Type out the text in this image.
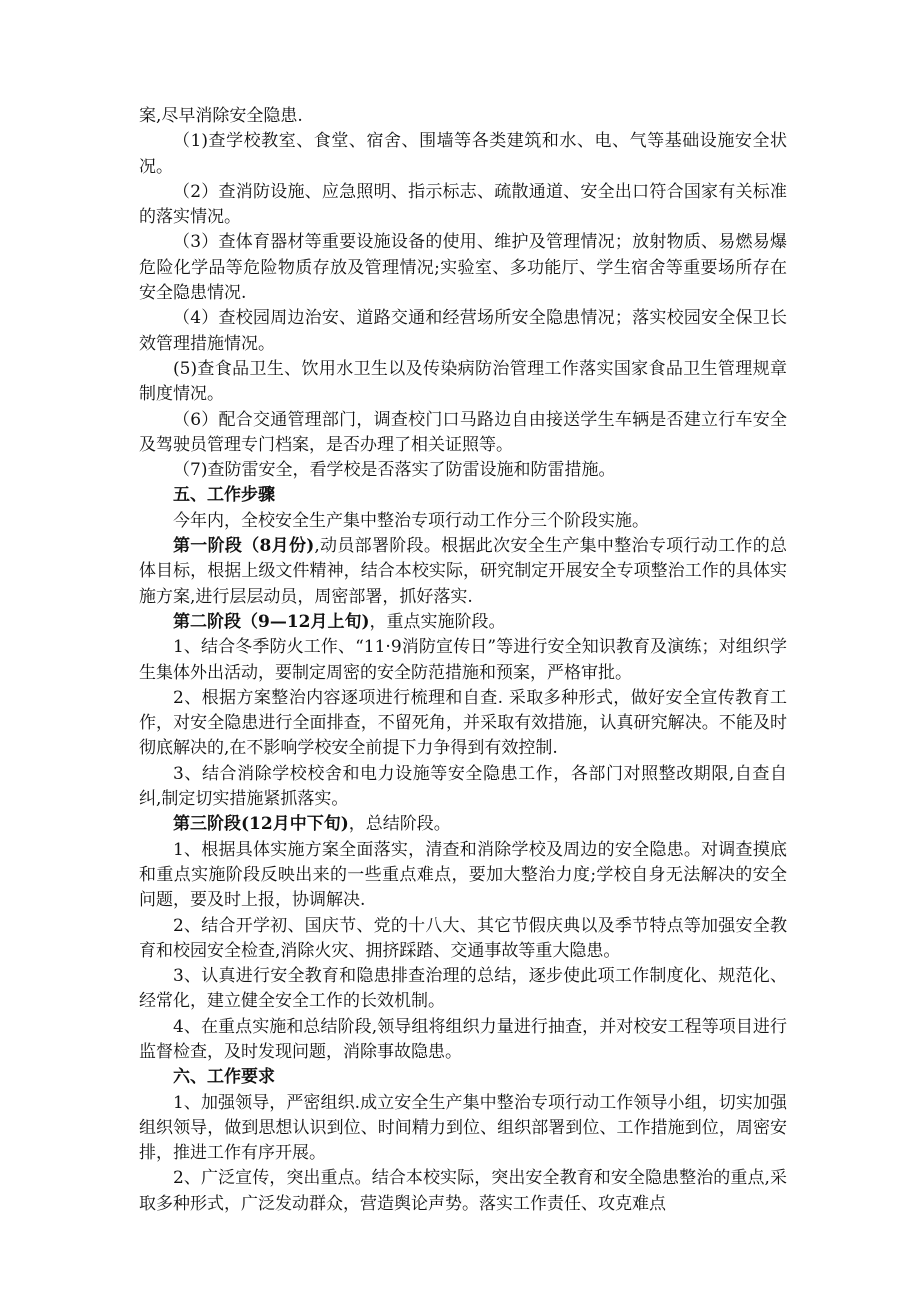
案,尽早消除安全隐患.

（1)查学校教室、食堂、宿舍、围墙等各类建筑和水、电、气等基础设施安全状况。

（2）查消防设施、应急照明、指示标志、疏散通道、安全出口符合国家有关标准的落实情况。

（3）查体育器材等重要设施设备的使用、维护及管理情况；放射物质、易燃易爆危险化学品等危险物质存放及管理情况;实验室、多功能厅、学生宿舍等重要场所存在安全隐患情况.

（4）查校园周边治安、道路交通和经营场所安全隐患情况；落实校园安全保卫长效管理措施情况。

(5)查食品卫生、饮用水卫生以及传染病防治管理工作落实国家食品卫生管理规章制度情况。

（6）配合交通管理部门，调查校门口马路边自由接送学生车辆是否建立行车安全及驾驶员管理专门档案，是否办理了相关证照等。

（7)查防雷安全，看学校是否落实了防雷设施和防雷措施。

五、工作步骤

今年内，全校安全生产集中整治专项行动工作分三个阶段实施。

第一阶段（8月份),动员部署阶段。根据此次安全生产集中整治专项行动工作的总体目标，根据上级文件精神，结合本校实际，研究制定开展安全专项整治工作的具体实施方案,进行层层动员，周密部署，抓好落实.

第二阶段（9—12月上旬)，重点实施阶段。

1、结合冬季防火工作、“11·9消防宣传日”等进行安全知识教育及演练；对组织学生集体外出活动，要制定周密的安全防范措施和预案，严格审批。

2、根据方案整治内容逐项进行梳理和自查. 采取多种形式，做好安全宣传教育工作，对安全隐患进行全面排查，不留死角，并采取有效措施，认真研究解决。不能及时彻底解决的,在不影响学校安全前提下力争得到有效控制.

3、结合消除学校校舍和电力设施等安全隐患工作，各部门对照整改期限,自查自纠,制定切实措施紧抓落实。

第三阶段(12月中下旬)，总结阶段。

1、根据具体实施方案全面落实，清查和消除学校及周边的安全隐患。对调查摸底和重点实施阶段反映出来的一些重点难点，要加大整治力度;学校自身无法解决的安全问题，要及时上报，协调解决.

2、结合开学初、国庆节、党的十八大、其它节假庆典以及季节特点等加强安全教育和校园安全检查,消除火灾、拥挤踩踏、交通事故等重大隐患。

3、认真进行安全教育和隐患排查治理的总结，逐步使此项工作制度化、规范化、经常化，建立健全安全工作的长效机制。

4、在重点实施和总结阶段,领导组将组织力量进行抽查，并对校安工程等项目进行监督检查，及时发现问题，消除事故隐患。

六、工作要求

1、加强领导，严密组织.成立安全生产集中整治专项行动工作领导小组，切实加强组织领导，做到思想认识到位、时间精力到位、组织部署到位、工作措施到位，周密安排，推进工作有序开展。

2、广泛宣传，突出重点。结合本校实际，突出安全教育和安全隐患整治的重点,采取多种形式，广泛发动群众，营造舆论声势。落实工作责任、攻克难点
